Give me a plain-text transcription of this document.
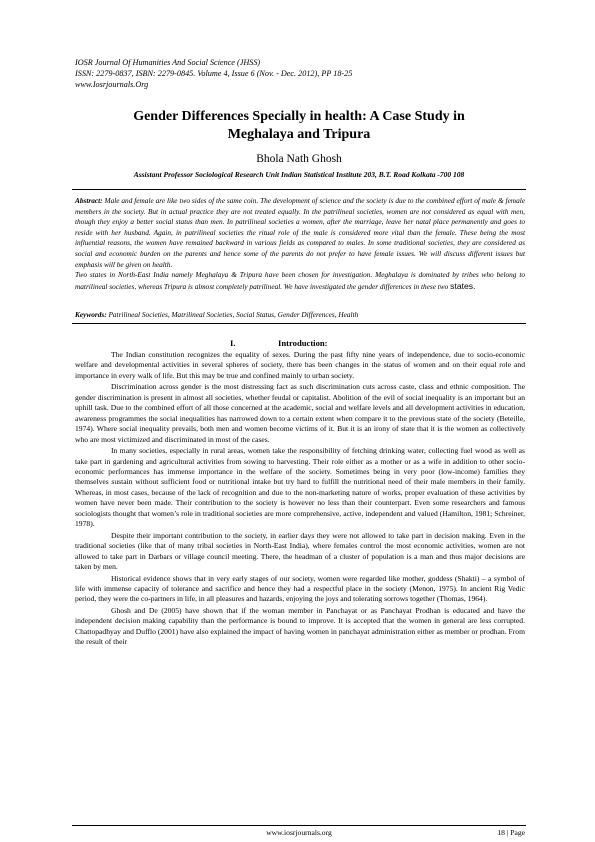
IOSR Journal Of Humanities And Social Science (JHSS)
ISSN: 2279-0837, ISBN: 2279-0845. Volume 4, Issue 6 (Nov. - Dec. 2012), PP 18-25
www.Iosrjournals.Org
Gender Differences Specially in health: A Case Study in
Meghalaya and Tripura
Bhola Nath Ghosh
Assistant Professor Sociological Research Unit Indian Statistical Institute 203, B.T. Road Kolkata -700 108

Abstract: Male and female are like two sides of the same coin. The development of science and the society is due to the combined effort of male & female members in the society. But in actual practice they are not treated equally. In the patrilineal societies, women are not considered as equal with men, though they enjoy a better social status than men. In patrilineal societies a women, after the marriage, leave her natal place permanently and goes to reside with her husband. Again, in patrilineal societies the ritual role of the male is considered more vital than the female. These being the most influential reasons, the women have remained backward in various fields as compared to males. In some traditional societies, they are considered as social and economic burden on the parents and hence some of the parents do not prefer to have female issues. We will discuss different issues but emphasis will be given on health.

Two states in North-East India namely Meghalaya & Tripura have been chosen for investigation. Meghalaya is dominated by tribes who belong to matrilineal societies, whereas Tripura is almost completely patrilineal. We have investigated the gender differences in these two states.

Keywords: Patrilineal Societies, Matrilineal Societies, Social Status, Gender Differences, Health
I.	Introduction:

The Indian constitution recognizes the equality of sexes. During the past fifty nine years of independence, due to socio-economic welfare and developmental activities in several spheres of society, there has been changes in the status of women and on their equal role and importance in every walk of life. But this may be true and confined mainly to urban society.

Discrimination across gender is the most distressing fact as such discrimination cuts across caste, class and ethnic composition. The gender discrimination is present in almost all societies, whether feudal or capitalist. Abolition of the evil of social inequality is an important but an uphill task. Due to the combined effort of all those concerned at the academic, social and welfare levels and all development activities in education, awareness programmes the social inequalities has narrowed down to a certain extent when compare it to the previous state of the society (Beteille, 1974). Where social inequality prevails, both men and women become victims of it. But it is an irony of state that it is the women as collectively who are most victimized and discriminated in most of the cases.

In many societies, especially in rural areas, women take the responsibility of fetching drinking water, collecting fuel wood as well as take part in gardening and agricultural activities from sowing to harvesting. Their role either as a mother or as a wife in addition to other socio-economic performances has immense importance in the welfare of the society. Sometimes being in very poor (low-income) families they themselves sustain without sufficient food or nutritional intake but try hard to fulfill the nutritional need of their male members in their family. Whereas, in most cases, because of the lack of recognition and due to the non-marketing nature of works, proper evaluation of these activities by women have never been made. Their contribution to the society is however no less than their counterpart. Even some researchers and famous sociologists thought that women’s role in traditional societies are more comprehensive, active, independent and valued (Hamilton, 1981; Schreiner, 1978).

Despite their important contribution to the society, in earlier days they were not allowed to take part in decision making. Even in the traditional societies (like that of many tribal societies in North-East India), where females control the most economic activities, women are not allowed to take part in Darbars or village council meeting. There, the headman of a cluster of population is a man and thus major decisions are taken by men.

Historical evidence shows that in very early stages of our society, women were regarded like mother, goddess (Shakti) – a symbol of life with immense capacity of tolerance and sacrifice and hence they had a respectful place in the society (Menon, 1975). In ancient Rig Vedic period, they were the co-partners in life, in all pleasures and hazards, enjoying the joys and tolerating sorrows together (Thomas, 1964).

Ghosh and De (2005) have shown that if the woman member in Panchayat or as Panchayat Prodhan is educated and have the independent decision making capability than the performance is bound to improve. It is accepted that the women in general are less corrupted. Chattopadhyay and Dufflo (2001) have also explained the impact of having women in panchayat administration either as member or prodhan. From the result of their

www.iosrjournals.org	18 | Page
